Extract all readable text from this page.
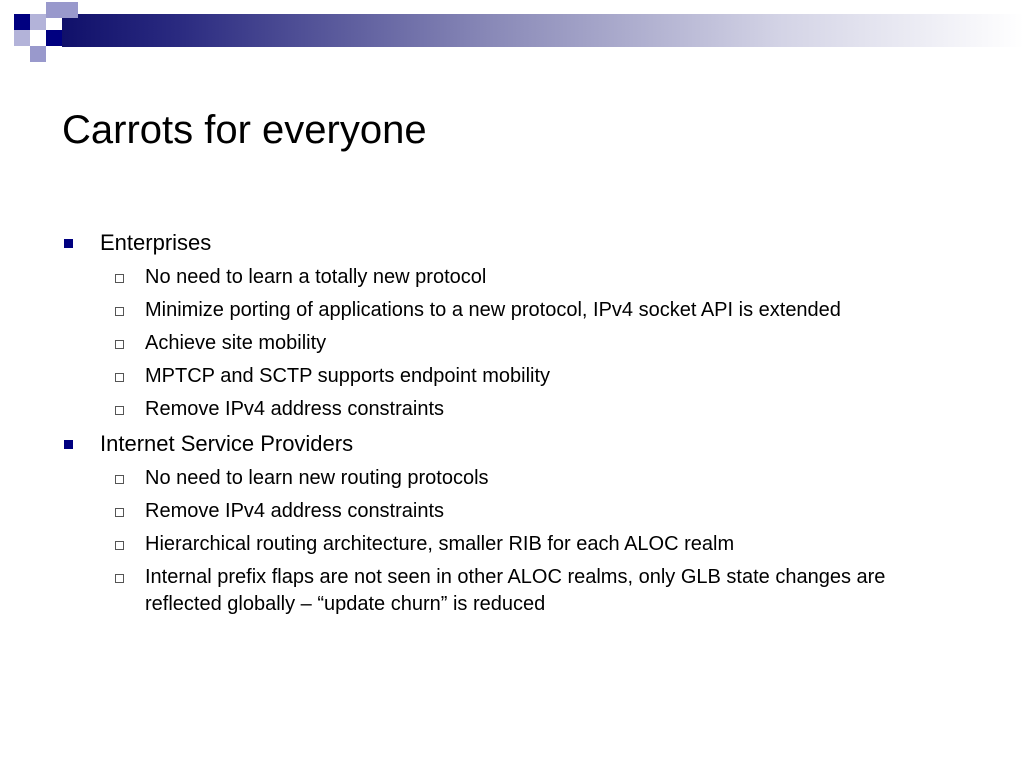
Carrots for everyone
Enterprises
No need to learn a totally new protocol
Minimize porting of applications to a new protocol, IPv4 socket API is extended
Achieve site mobility
MPTCP and SCTP supports endpoint mobility
Remove IPv4 address constraints
Internet Service Providers
No need to learn new routing protocols
Remove IPv4 address constraints
Hierarchical routing architecture, smaller RIB for each ALOC realm
Internal prefix flaps are not seen in other ALOC realms, only GLB state changes are reflected globally – “update churn” is reduced
